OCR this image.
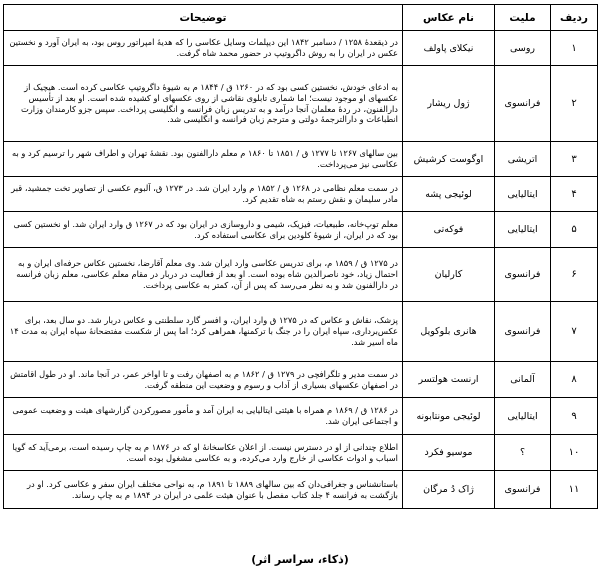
ردیف	ملیت	نام عکاس	توضیحات
۱	روسی	نیکلای پاولف	در ذیقعدهٔ ۱۲۵۸ / دسامبر ۱۸۴۲ این دیپلمات وسایل عکاسی را که هدیهٔ امپراتور روس بود، به ایران آورد و نخستین عکس در ایران را به روش داگروتیپ در حضور محمد شاه گرفت.
۲	فرانسوی	ژول ریشار	به ادعای خودش، نخستین کسی بود که در ۱۲۶۰ ق / ۱۸۴۴ م به شیوهٔ داگروتیپ عکاسی کرده است. هیچیک از عکسهای او موجود نیست؛ اما شماری تابلوی نقاشی از روی عکسهای او کشیده شده است. او بعد از تأسیس دارالفنون، در ردهٔ معلمان آنجا درآمد و به تدریس زبان فرانسه و انگلیسی پرداخت. سپس جزو کارمندان وزارت انطباعات و دارالترجمهٔ دولتی و مترجم زبان فرانسه و انگلیسی شد.
۳	اتریشی	اوگوست کرشیش	بین سالهای ۱۲۶۷ تا ۱۲۷۷ ق / ۱۸۵۱ تا ۱۸۶۰ م معلم دارالفنون بود. نقشهٔ تهران و اطراف شهر را ترسیم کرد و به عکاسی نیز می‌پرداخت.
۴	ایتالیایی	لوئیجی پشه	در سمت معلم نظامی در ۱۲۶۸ ق / ۱۸۵۲ م وارد ایران شد. در ۱۲۷۳ ق، آلبوم عکسی از تصاویر تخت جمشید، قبر مادر سلیمان و نقش رستم به شاه تقدیم کرد.
۵	ایتالیایی	فوکه‌تی	معلم توپ‌خانه، طبیعیات، فیزیک، شیمی و داروسازی در ایران بود که در ۱۲۶۷ ق وارد ایران شد. او نخستین کسی بود که در ایران، از شیوهٔ کلودین برای عکاسی استفاده کرد.
۶	فرانسوی	کارلیان	در ۱۲۷۵ ق / ۱۸۵۹ م، برای تدریس عکاسی وارد ایران شد. وی معلم آقارضا، نخستین عکاس حرفه‌ای ایران و به احتمال زیاد، خود ناصرالدین شاه بوده است. او بعد از فعالیت در دربار در مقام معلم عکاسی، معلم زبان فرانسه در دارالفنون شد و به نظر می‌رسد که پس از آن، کمتر به عکاسی پرداخت.
۷	فرانسوی	هانری بلوکویل	پزشک، نقاش و عکاس که در ۱۲۷۵ ق وارد ایران، و افسر گارد سلطنتی و عکاس دربار شد. دو سال بعد، برای عکس‌برداری، سپاه ایران را در جنگ با ترکمنها، همراهی کرد؛ اما پس از شکست مفتضحانهٔ سپاه ایران به مدت ۱۴ ماه اسیر شد.
۸	آلمانی	ارنست هولتسر	در سمت مدیر و تلگرافچی در ۱۲۷۹ ق / ۱۸۶۲ م به اصفهان رفت و تا اواخر عمر، در آنجا ماند. او در طول اقامتش در اصفهان عکسهای بسیاری از آداب و رسوم و وضعیت این منطقه گرفت.
۹	ایتالیایی	لوئیجی مونتابونه	در ۱۲۸۶ ق / ۱۸۶۹ م همراه با هیئتی ایتالیایی به ایران آمد و مأمور مصورکردن گزارشهای هیئت و وضعیت عمومی و اجتماعی ایران شد.
۱۰	؟	موسیو فکرد	اطلاع چندانی از او در دسترس نیست. از اعلان عکاسخانهٔ او که در ۱۸۷۶ م به چاپ رسیده است، برمی‌آید که گویا اسباب و ادوات عکاسی از خارج وارد می‌کرده، و به عکاسی مشغول بوده است.
۱۱	فرانسوی	ژاک دُ مرگان	باستانشناس و جغرافی‌دان که بین سالهای ۱۸۸۹ تا ۱۸۹۱ م، به نواحی مختلف ایران سفر و عکاسی کرد. او در بازگشت به فرانسه ۴ جلد کتاب مفصل با عنوان هیئت علمی در ایران در ۱۸۹۴ م به چاپ رساند.
(ذکاء، سراسر اثر)
